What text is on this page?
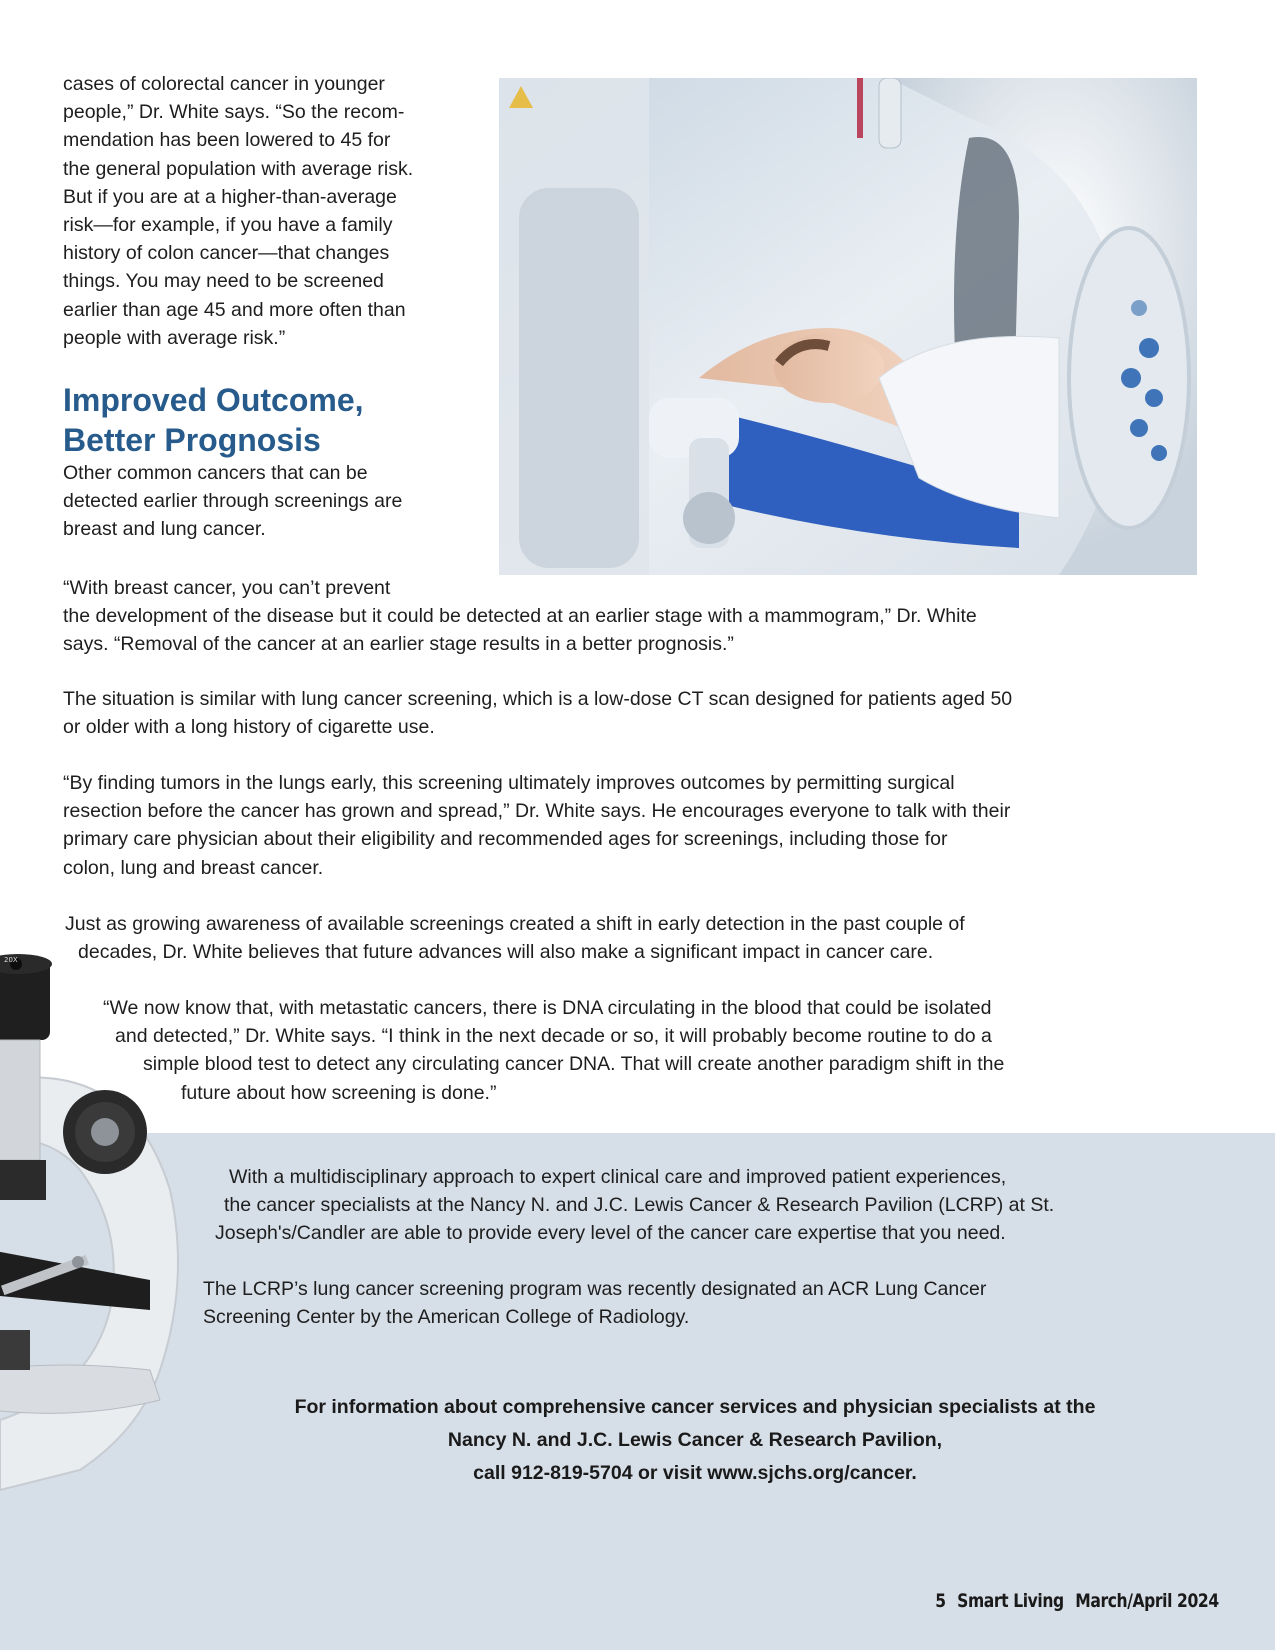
cases of colorectal cancer in younger

people,” Dr. White says. “So the recom-

mendation has been lowered to 45 for

the general population with average risk.

But if you are at a higher-than-average

risk—for example, if you have a family

history of colon cancer—that changes

things. You may need to be screened

earlier than age 45 and more often than

people with average risk.”

Improved Outcome,

Better Prognosis

Other common cancers that can be

detected earlier through screenings are

breast and lung cancer.

“With breast cancer, you can’t prevent

the development of the disease but it could be detected at an earlier stage with a mammogram,” Dr. White

says. “Removal of the cancer at an earlier stage results in a better prognosis.”

The situation is similar with lung cancer screening, which is a low-dose CT scan designed for patients aged 50

or older with a long history of cigarette use.

“By finding tumors in the lungs early, this screening ultimately improves outcomes by permitting surgical

resection before the cancer has grown and spread,” Dr. White says. He encourages everyone to talk with their

primary care physician about their eligibility and recommended ages for screenings, including those for

colon, lung and breast cancer.

Just as growing awareness of available screenings created a shift in early detection in the past couple of

decades, Dr. White believes that future advances will also make a significant impact in cancer care.

“We now know that, with metastatic cancers, there is DNA circulating in the blood that could be isolated

and detected,” Dr. White says. “I think in the next decade or so, it will probably become routine to do a

simple blood test to detect any circulating cancer DNA. That will create another paradigm shift in the

future about how screening is done.”

With a multidisciplinary approach to expert clinical care and improved patient experiences,

the cancer specialists at the Nancy N. and J.C. Lewis Cancer & Research Pavilion (LCRP) at St.

Joseph's/Candler are able to provide every level of the cancer care expertise that you need.

The LCRP’s lung cancer screening program was recently designated an ACR Lung Cancer

Screening Center by the American College of Radiology.

For information about comprehensive cancer services and physician specialists at the

Nancy N. and J.C. Lewis Cancer & Research Pavilion,

call 912-819-5704 or visit www.sjchs.org/cancer.

20X
5 Smart Living March/April 2024
